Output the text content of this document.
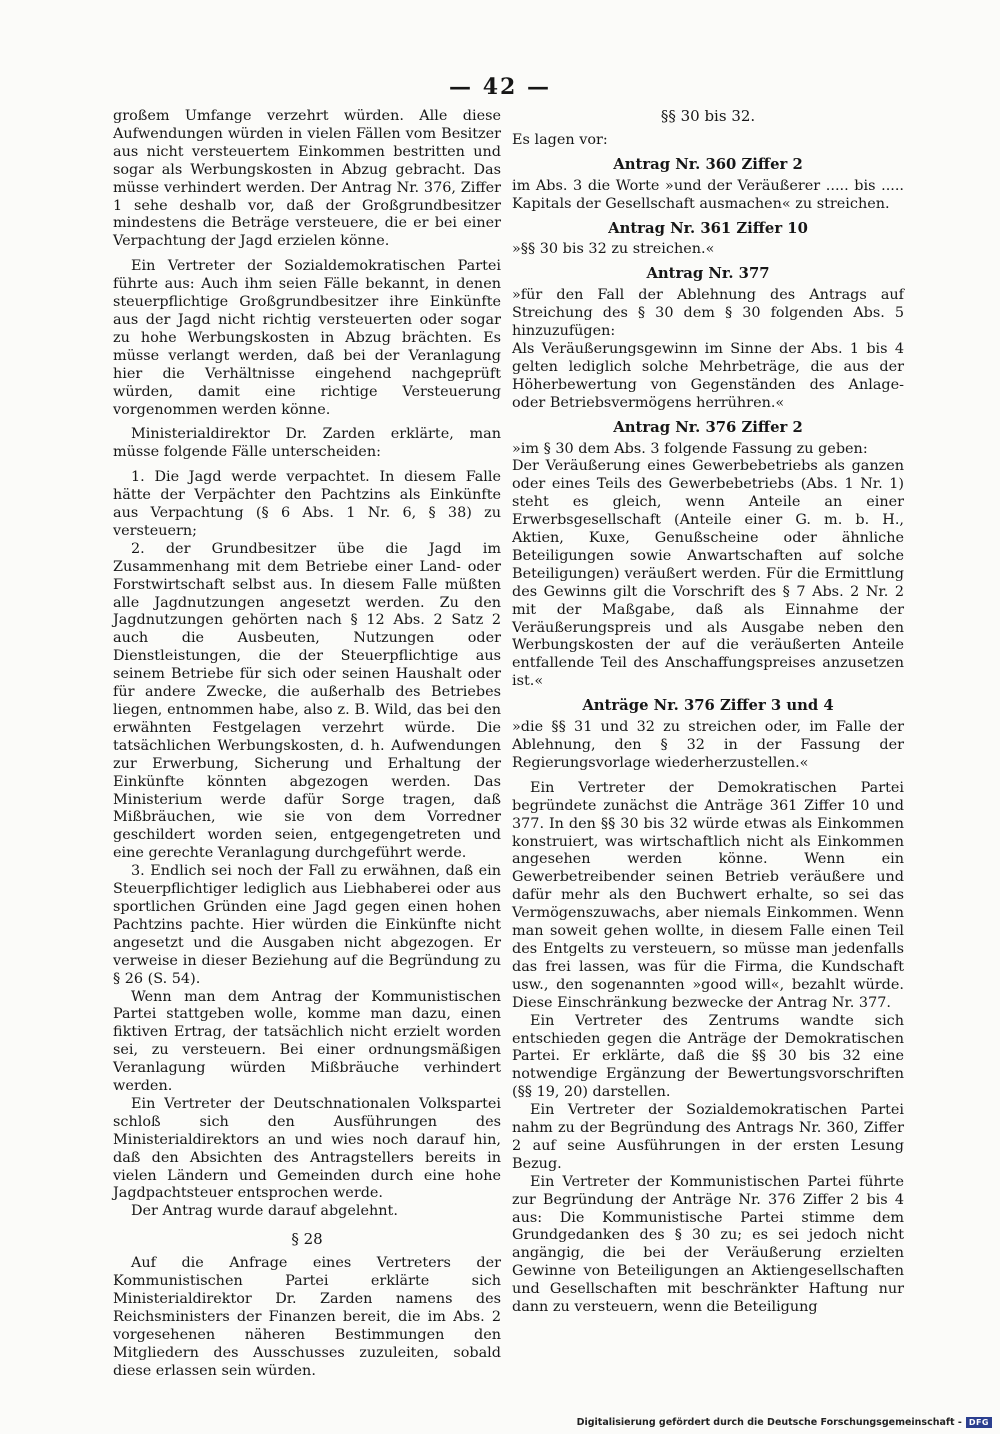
— 42 —

großem Umfange verzehrt würden. Alle diese Aufwendungen würden in vielen Fällen vom Besitzer aus nicht versteuertem Einkommen bestritten und sogar als Werbungskosten in Abzug gebracht. Das müsse verhindert werden. Der Antrag Nr. 376, Ziffer 1 sehe deshalb vor, daß der Großgrundbesitzer mindestens die Beträge versteuere, die er bei einer Verpachtung der Jagd erzielen könne.

Ein Vertreter der Sozialdemokratischen Partei führte aus: Auch ihm seien Fälle bekannt, in denen steuerpflichtige Großgrundbesitzer ihre Einkünfte aus der Jagd nicht richtig versteuerten oder sogar zu hohe Werbungskosten in Abzug brächten. Es müsse verlangt werden, daß bei der Veranlagung hier die Verhältnisse eingehend nachgeprüft würden, damit eine richtige Versteuerung vorgenommen werden könne.

Ministerialdirektor Dr. Zarden erklärte, man müsse folgende Fälle unterscheiden:

1. Die Jagd werde verpachtet. In diesem Falle hätte der Verpächter den Pachtzins als Einkünfte aus Verpachtung (§ 6 Abs. 1 Nr. 6, § 38) zu versteuern;

2. der Grundbesitzer übe die Jagd im Zusammenhang mit dem Betriebe einer Land- oder Forstwirtschaft selbst aus. In diesem Falle müßten alle Jagdnutzungen angesetzt werden. Zu den Jagdnutzungen gehörten nach § 12 Abs. 2 Satz 2 auch die Ausbeuten, Nutzungen oder Dienstleistungen, die der Steuerpflichtige aus seinem Betriebe für sich oder seinen Haushalt oder für andere Zwecke, die außerhalb des Betriebes liegen, entnommen habe, also z. B. Wild, das bei den erwähnten Festgelagen verzehrt würde. Die tatsächlichen Werbungskosten, d. h. Aufwendungen zur Erwerbung, Sicherung und Erhaltung der Einkünfte könnten abgezogen werden. Das Ministerium werde dafür Sorge tragen, daß Mißbräuchen, wie sie von dem Vorredner geschildert worden seien, entgegengetreten und eine gerechte Veranlagung durchgeführt werde.

3. Endlich sei noch der Fall zu erwähnen, daß ein Steuerpflichtiger lediglich aus Liebhaberei oder aus sportlichen Gründen eine Jagd gegen einen hohen Pachtzins pachte. Hier würden die Einkünfte nicht angesetzt und die Ausgaben nicht abgezogen. Er verweise in dieser Beziehung auf die Begründung zu § 26 (S. 54).

Wenn man dem Antrag der Kommunistischen Partei stattgeben wolle, komme man dazu, einen fiktiven Ertrag, der tatsächlich nicht erzielt worden sei, zu versteuern. Bei einer ordnungsmäßigen Veranlagung würden Mißbräuche verhindert werden.

Ein Vertreter der Deutschnationalen Volkspartei schloß sich den Ausführungen des Ministerialdirektors an und wies noch darauf hin, daß den Absichten des Antragstellers bereits in vielen Ländern und Gemeinden durch eine hohe Jagdpachtsteuer entsprochen werde.

Der Antrag wurde darauf abgelehnt.

§ 28

Auf die Anfrage eines Vertreters der Kommunistischen Partei erklärte sich Ministerialdirektor Dr. Zarden namens des Reichsministers der Finanzen bereit, die im Abs. 2 vorgesehenen näheren Bestimmungen den Mitgliedern des Ausschusses zuzuleiten, sobald diese erlassen sein würden.

§§ 30 bis 32.

Es lagen vor:

Antrag Nr. 360 Ziffer 2

im Abs. 3 die Worte »und der Veräußerer ..... bis ..... Kapitals der Gesellschaft ausmachen« zu streichen.

Antrag Nr. 361 Ziffer 10

»§§ 30 bis 32 zu streichen.«

Antrag Nr. 377

»für den Fall der Ablehnung des Antrags auf Streichung des § 30 dem § 30 folgenden Abs. 5 hinzuzufügen:

Als Veräußerungsgewinn im Sinne der Abs. 1 bis 4 gelten lediglich solche Mehrbeträge, die aus der Höherbewertung von Gegenständen des Anlage- oder Betriebsvermögens herrühren.«

Antrag Nr. 376 Ziffer 2

»im § 30 dem Abs. 3 folgende Fassung zu geben:

Der Veräußerung eines Gewerbebetriebs als ganzen oder eines Teils des Gewerbebetriebs (Abs. 1 Nr. 1) steht es gleich, wenn Anteile an einer Erwerbsgesellschaft (Anteile einer G. m. b. H., Aktien, Kuxe, Genußscheine oder ähnliche Beteiligungen sowie Anwartschaften auf solche Beteiligungen) veräußert werden. Für die Ermittlung des Gewinns gilt die Vorschrift des § 7 Abs. 2 Nr. 2 mit der Maßgabe, daß als Einnahme der Veräußerungspreis und als Ausgabe neben den Werbungskosten der auf die veräußerten Anteile entfallende Teil des Anschaffungspreises anzusetzen ist.«

Anträge Nr. 376 Ziffer 3 und 4

»die §§ 31 und 32 zu streichen oder, im Falle der Ablehnung, den § 32 in der Fassung der Regierungsvorlage wiederherzustellen.«

Ein Vertreter der Demokratischen Partei begründete zunächst die Anträge 361 Ziffer 10 und 377. In den §§ 30 bis 32 würde etwas als Einkommen konstruiert, was wirtschaftlich nicht als Einkommen angesehen werden könne. Wenn ein Gewerbetreibender seinen Betrieb veräußere und dafür mehr als den Buchwert erhalte, so sei das Vermögenszuwachs, aber niemals Einkommen. Wenn man soweit gehen wollte, in diesem Falle einen Teil des Entgelts zu versteuern, so müsse man jedenfalls das frei lassen, was für die Firma, die Kundschaft usw., den sogenannten »good will«, bezahlt würde. Diese Einschränkung bezwecke der Antrag Nr. 377.

Ein Vertreter des Zentrums wandte sich entschieden gegen die Anträge der Demokratischen Partei. Er erklärte, daß die §§ 30 bis 32 eine notwendige Ergänzung der Bewertungsvorschriften (§§ 19, 20) darstellen.

Ein Vertreter der Sozialdemokratischen Partei nahm zu der Begründung des Antrags Nr. 360, Ziffer 2 auf seine Ausführungen in der ersten Lesung Bezug.

Ein Vertreter der Kommunistischen Partei führte zur Begründung der Anträge Nr. 376 Ziffer 2 bis 4 aus: Die Kommunistische Partei stimme dem Grundgedanken des § 30 zu; es sei jedoch nicht angängig, die bei der Veräußerung erzielten Gewinne von Beteiligungen an Aktiengesellschaften und Gesellschaften mit beschränkter Haftung nur dann zu versteuern, wenn die Beteiligung

Digitalisierung gefördert durch die Deutsche Forschungsgemeinschaft - DFG
